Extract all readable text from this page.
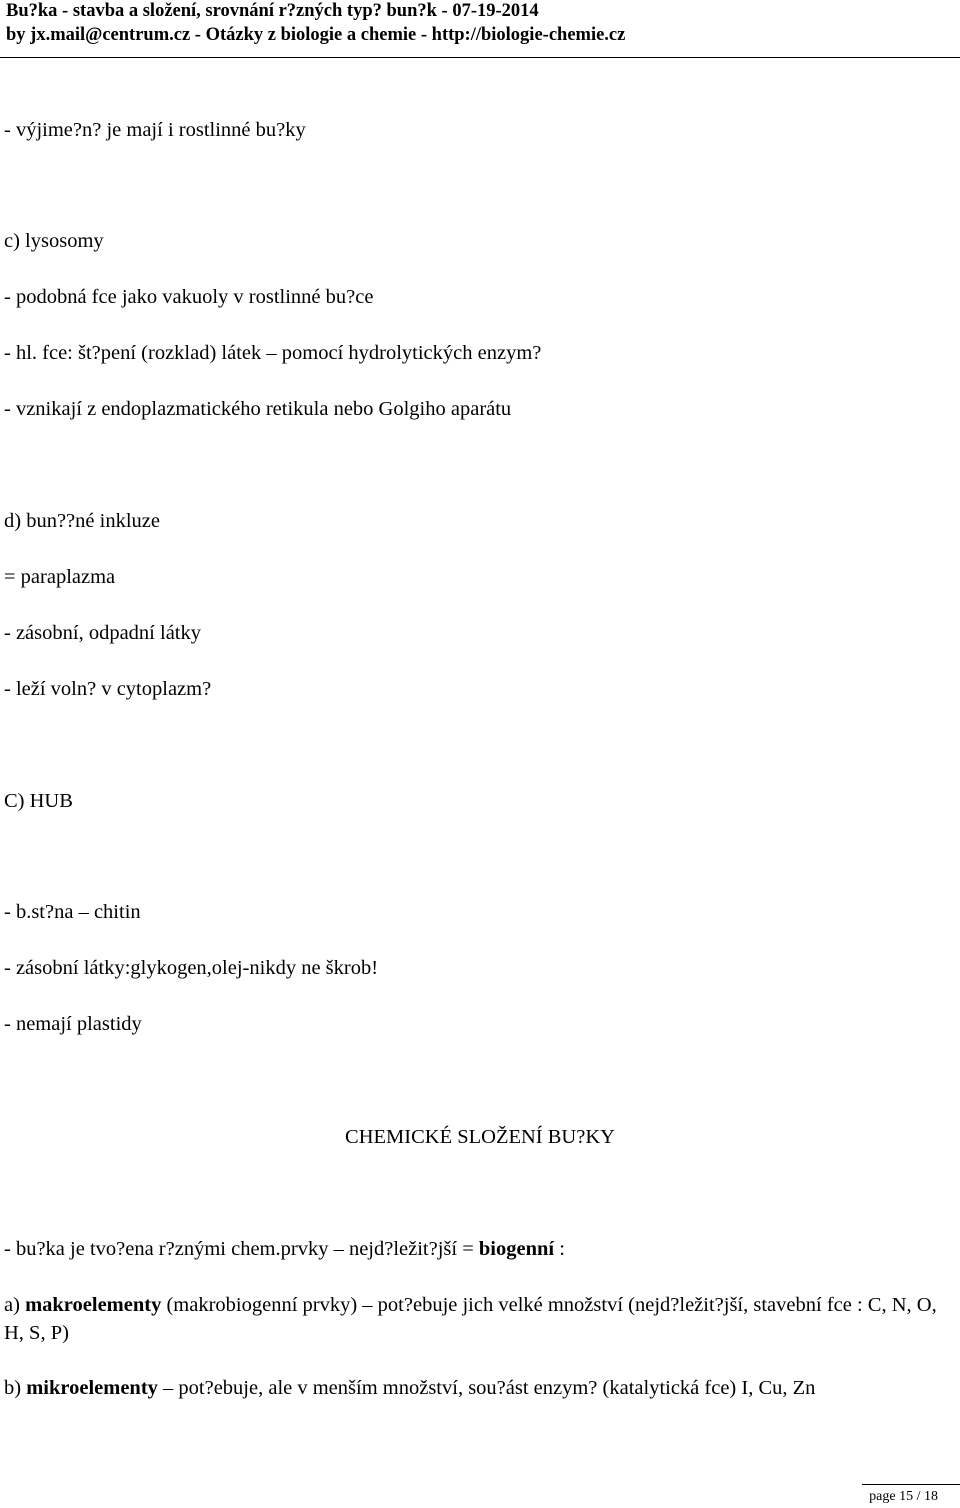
Bu?ka - stavba a složení, srovnání r?zných typ? bun?k - 07-19-2014
by jx.mail@centrum.cz - Otázky z biologie a chemie - http://biologie-chemie.cz
- výjime?n? je mají i rostlinné bu?ky
c) lysosomy
- podobná fce jako vakuoly v rostlinné bu?ce
- hl. fce: št?pení (rozklad) látek – pomocí hydrolytických enzym?
- vznikají z endoplazmatického retikula nebo Golgiho aparátu
d) bun??né inkluze
= paraplazma
- zásobní, odpadní látky
- leží voln? v cytoplazm?
C) HUB
- b.st?na – chitin
- zásobní látky:glykogen,olej-nikdy ne škrob!
- nemají plastidy
CHEMICKÉ SLOŽENÍ BU?KY
- bu?ka je tvo?ena r?znými chem.prvky – nejd?ležit?jší = biogenní :
a) makroelementy (makrobiogenní prvky) – pot?ebuje jich velké množství (nejd?ležit?jší, stavební fce : C, N, O, H, S, P)
b) mikroelementy – pot?ebuje, ale v menším množství, sou?ást enzym? (katalytická fce) I, Cu, Zn
page 15 / 18
